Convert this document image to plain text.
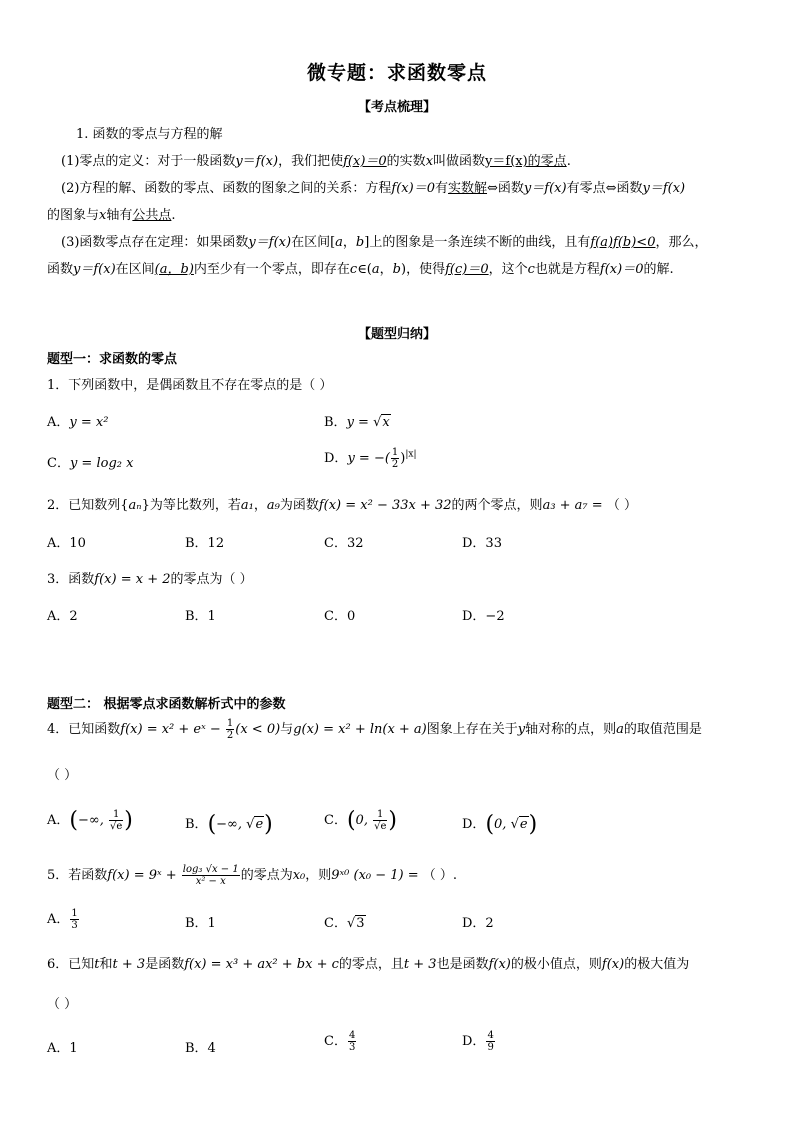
微专题：求函数零点
【考点梳理】
1. 函数的零点与方程的解
(1)零点的定义：对于一般函数y＝f(x)，我们把使f(x)＝0的实数x叫做函数y＝f(x)的零点.
(2)方程的解、函数的零点、函数的图象之间的关系：方程f(x)＝0有实数解⇔函数y＝f(x)有零点⇔函数y＝f(x)
的图象与x轴有公共点.
(3)函数零点存在定理：如果函数y＝f(x)在区间[a，b]上的图象是一条连续不断的曲线，且有f(a)f(b)<0，那么，
函数y＝f(x)在区间(a，b)内至少有一个零点，即存在c∈(a，b)，使得f(c)＝0，这个c也就是方程f(x)＝0的解.
【题型归纳】
题型一：求函数的零点
1．下列函数中，是偶函数且不存在零点的是（ ）
A．y = x²	B．y = √x
C．y = log₂ x	D．y = −( $\frac{1}{2} )^{|x|}$
2．已知数列{aₙ}为等比数列，若a₁，a₉为函数f(x) = x² − 33x + 32的两个零点，则a₃ + a₇ = （ ）
A．10	B．12	C．32	D．33
3．函数f(x) = x + 2的零点为（ ）
A．2	B．1	C．0	D．−2
题型二： 根据零点求函数解析式中的参数
4．已知函数f(x) = x² + eˣ − $\frac{1}{2} (x < 0)$与g(x) = x² + ln(x + a)图象上存在关于y轴对称的点，则a的取值范围是
（ ）
A．(−∞, $\frac{1}{√e}$ )	B．(−∞, √e)	C．(0, $\frac{1}{√e}$ )	D．(0, √e)
5．若函数f(x) = 9ˣ + $\frac{\text{log₃ √x − 1}}{\text{x² − x}}$ 的零点为x₀，则9ˣ⁰ (x₀ − 1) = （ ）.
A． $\frac{1}{3}$	B．1	C．√3	D．2
6．已知t和t + 3是函数f(x) = x³ + ax² + bx + c的零点，且t + 3也是函数f(x)的极小值点，则f(x)的极大值为
（ ）
A．1	B．4	C． $\frac{4}{3}$	D． $\frac{4}{9}$
